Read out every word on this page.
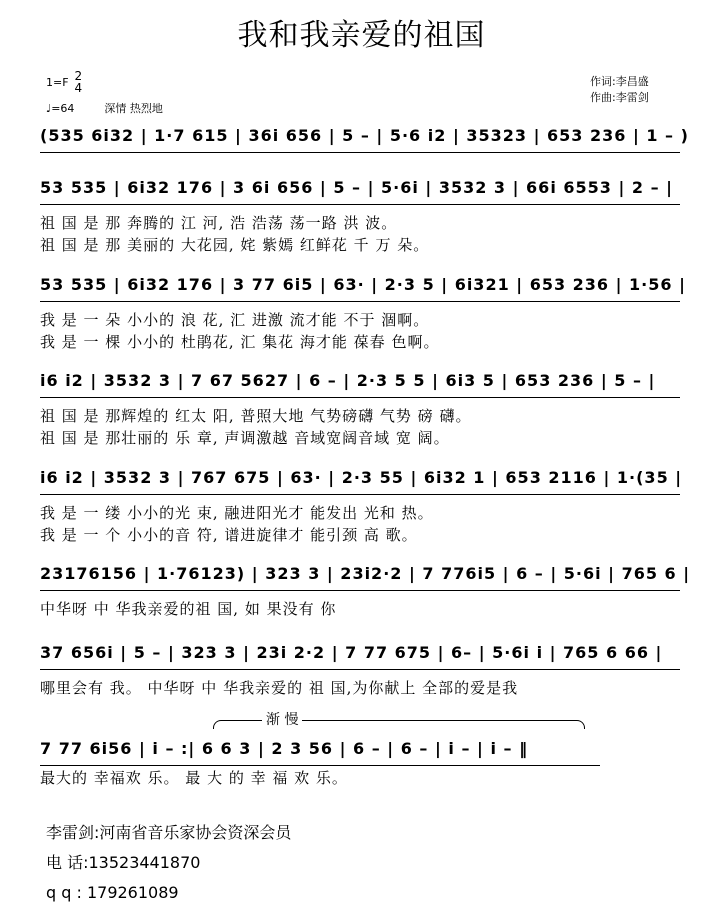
我和我亲爱的祖国
1=F 2
4
♩=64	深情 热烈地
作词:李昌盛
作曲:李雷剑
(535 6i32 | 1·7 615 | 36i 656 | 5 – | 5·6 i2 | 35323 | 653 236 | 1 – )
53 535 | 6i32 176 | 3 6i 656 | 5 – | 5·6i | 3532 3 | 66i 6553 | 2 – |
祖 国 是 那 奔腾的 江 河, 浩 浩荡 荡一路 洪 波。
祖 国 是 那 美丽的 大花园, 姹 紫嫣 红鲜花 千 万 朵。
53 535 | 6i32 176 | 3 77 6i5 | 63· | 2·3 5 | 6i321 | 653 236 | 1·56 |
我 是 一 朵 小小的 浪 花, 汇 进激 流才能 不于 涸啊。
我 是 一 棵 小小的 杜鹃花, 汇 集花 海才能 葆春 色啊。
i6 i2 | 3532 3 | 7 67 5627 | 6 – | 2·3 5 5 | 6i3 5 | 653 236 | 5 – |
祖 国 是 那辉煌的 红太 阳, 普照大地 气势磅礴 气势 磅 礴。
祖 国 是 那壮丽的 乐 章, 声调激越 音域宽阔音域 宽 阔。
i6 i2 | 3532 3 | 767 675 | 63· | 2·3 55 | 6i32 1 | 653 2116 | 1·(35 |
我 是 一 缕 小小的光 束, 融进阳光才 能发出 光和 热。
我 是 一 个 小小的音 符, 谱进旋律才 能引颈 高 歌。
23176156 | 1·76123) | 323 3 | 23i2·2 | 7 776i5 | 6 – | 5·6i | 765 6 |
中华呀 中 华我亲爱的祖 国, 如 果没有 你
37 656i | 5 – | 323 3 | 23i 2·2 | 7 77 675 | 6– | 5·6i i | 765 6 66 |
哪里会有 我。 中华呀 中 华我亲爱的 祖 国,为你献上 全部的爱是我
渐 慢
7 77 6i56 | i – :| 6 6 3 | 2 3 56 | 6 – | 6 – | i – | i – ‖
最大的 幸福欢 乐。 最 大 的 幸 福 欢 乐。
李雷剑:河南省音乐家协会资深会员
电 话:13523441870
q q : 179261089
